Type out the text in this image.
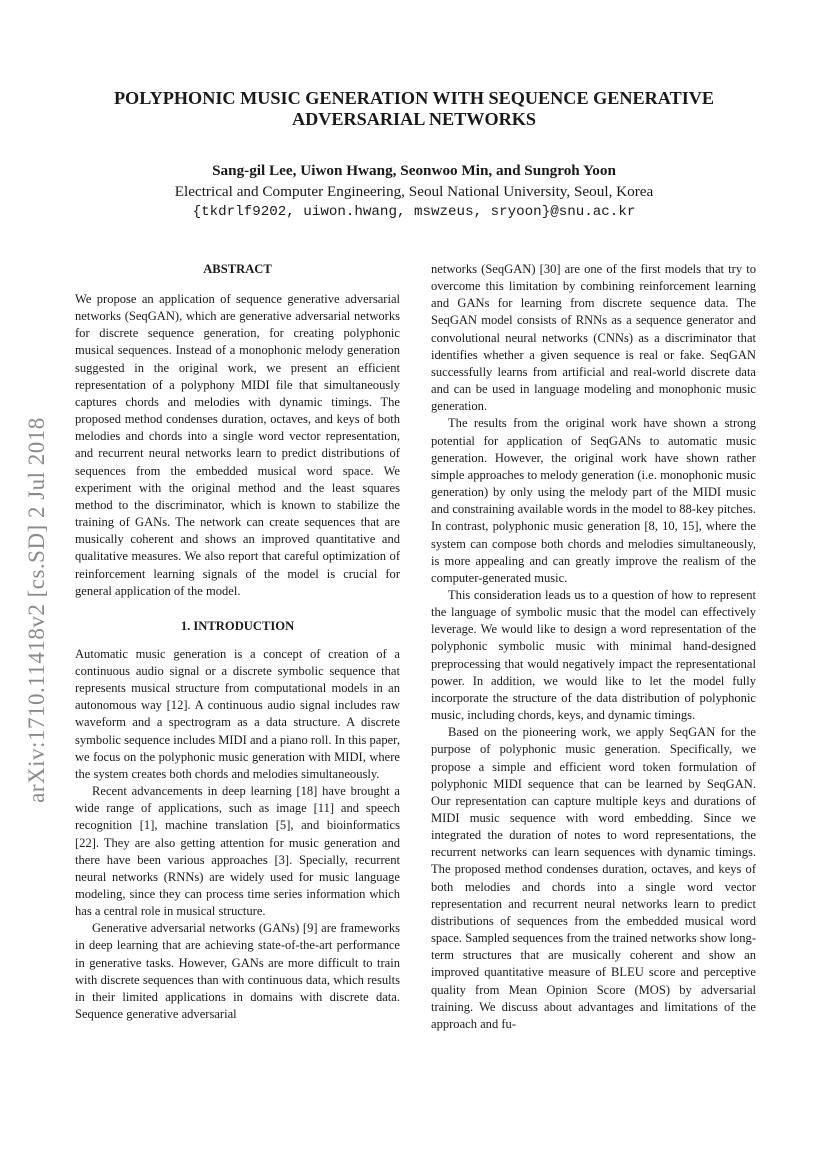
arXiv:1710.11418v2 [cs.SD] 2 Jul 2018
POLYPHONIC MUSIC GENERATION WITH SEQUENCE GENERATIVE
ADVERSARIAL NETWORKS
Sang-gil Lee, Uiwon Hwang, Seonwoo Min, and Sungroh Yoon
Electrical and Computer Engineering, Seoul National University, Seoul, Korea
{tkdrlf9202, uiwon.hwang, mswzeus, sryoon}@snu.ac.kr
ABSTRACT

We propose an application of sequence generative adversarial networks (SeqGAN), which are generative adversarial networks for discrete sequence generation, for creating polyphonic musical sequences. Instead of a monophonic melody generation suggested in the original work, we present an efficient representation of a polyphony MIDI file that simultaneously captures chords and melodies with dynamic timings. The proposed method condenses duration, octaves, and keys of both melodies and chords into a single word vector representation, and recurrent neural networks learn to predict distributions of sequences from the embedded musical word space. We experiment with the original method and the least squares method to the discriminator, which is known to stabilize the training of GANs. The network can create sequences that are musically coherent and shows an improved quantitative and qualitative measures. We also report that careful optimization of reinforcement learning signals of the model is crucial for general application of the model.

1. INTRODUCTION

Automatic music generation is a concept of creation of a continuous audio signal or a discrete symbolic sequence that represents musical structure from computational models in an autonomous way [12]. A continuous audio signal includes raw waveform and a spectrogram as a data structure. A discrete symbolic sequence includes MIDI and a piano roll. In this paper, we focus on the polyphonic music generation with MIDI, where the system creates both chords and melodies simultaneously.

Recent advancements in deep learning [18] have brought a wide range of applications, such as image [11] and speech recognition [1], machine translation [5], and bioinformatics [22]. They are also getting attention for music generation and there have been various approaches [3]. Specially, recurrent neural networks (RNNs) are widely used for music language modeling, since they can process time series information which has a central role in musical structure.

Generative adversarial networks (GANs) [9] are frameworks in deep learning that are achieving state-of-the-art performance in generative tasks. However, GANs are more difficult to train with discrete sequences than with continuous data, which results in their limited applications in domains with discrete data. Sequence generative adversarial

networks (SeqGAN) [30] are one of the first models that try to overcome this limitation by combining reinforcement learning and GANs for learning from discrete sequence data. The SeqGAN model consists of RNNs as a sequence generator and convolutional neural networks (CNNs) as a discriminator that identifies whether a given sequence is real or fake. SeqGAN successfully learns from artificial and real-world discrete data and can be used in language modeling and monophonic music generation.

The results from the original work have shown a strong potential for application of SeqGANs to automatic music generation. However, the original work have shown rather simple approaches to melody generation (i.e. monophonic music generation) by only using the melody part of the MIDI music and constraining available words in the model to 88-key pitches. In contrast, polyphonic music generation [8, 10, 15], where the system can compose both chords and melodies simultaneously, is more appealing and can greatly improve the realism of the computer-generated music.

This consideration leads us to a question of how to represent the language of symbolic music that the model can effectively leverage. We would like to design a word representation of the polyphonic symbolic music with minimal hand-designed preprocessing that would negatively impact the representational power. In addition, we would like to let the model fully incorporate the structure of the data distribution of polyphonic music, including chords, keys, and dynamic timings.

Based on the pioneering work, we apply SeqGAN for the purpose of polyphonic music generation. Specifically, we propose a simple and efficient word token formulation of polyphonic MIDI sequence that can be learned by SeqGAN. Our representation can capture multiple keys and durations of MIDI music sequence with word embedding. Since we integrated the duration of notes to word representations, the recurrent networks can learn sequences with dynamic timings. The proposed method condenses duration, octaves, and keys of both melodies and chords into a single word vector representation and recurrent neural networks learn to predict distributions of sequences from the embedded musical word space. Sampled sequences from the trained networks show long-term structures that are musically coherent and show an improved quantitative measure of BLEU score and perceptive quality from Mean Opinion Score (MOS) by adversarial training. We discuss about advantages and limitations of the approach and fu-
